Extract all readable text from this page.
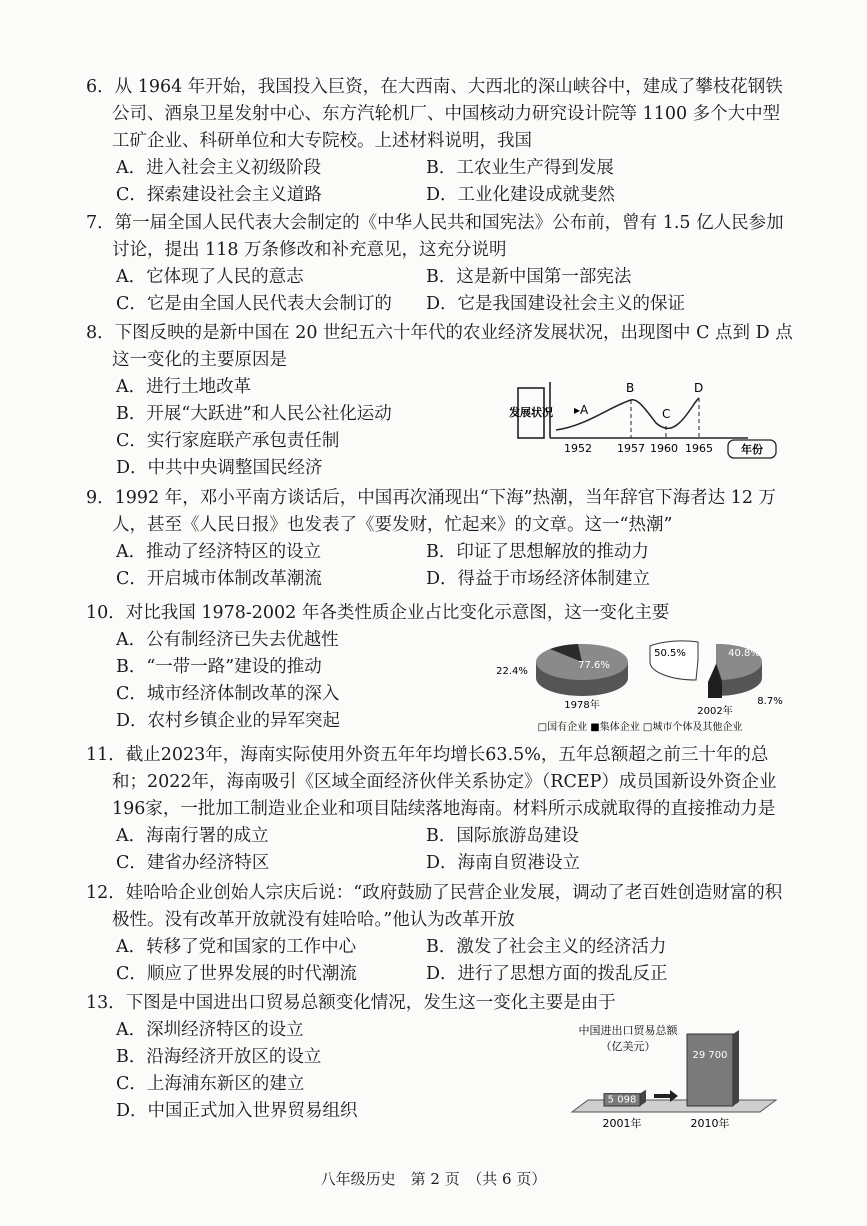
6．从 1964 年开始，我国投入巨资，在大西南、大西北的深山峡谷中，建成了攀枝花钢铁公司、酒泉卫星发射中心、东方汽轮机厂、中国核动力研究设计院等 1100 多个大中型工矿企业、科研单位和大专院校。上述材料说明，我国

A．进入社会主义初级阶段	B．工农业生产得到发展
C．探索建设社会主义道路	D．工业化建设成就斐然

7．第一届全国人民代表大会制定的《中华人民共和国宪法》公布前，曾有 1.5 亿人民参加讨论，提出 118 万条修改和补充意见，这充分说明

A．它体现了人民的意志	B．这是新中国第一部宪法
C．它是由全国人民代表大会制订的	D．它是我国建设社会主义的保证

8．下图反映的是新中国在 20 世纪五六十年代的农业经济发展状况，出现图中 C 点到 D 点这一变化的主要原因是

A．进行土地改革
B．开展“大跃进”和人民公社化运动
C．实行家庭联产承包责任制
D．中共中央调整国民经济
发展状况 ▸A
B
C
D
1952 1957 1960 1965	年份

9．1992 年，邓小平南方谈话后，中国再次涌现出“下海”热潮，当年辞官下海者达 12 万人，甚至《人民日报》也发表了《要发财，忙起来》的文章。这一“热潮”

A．推动了经济特区的设立	B．印证了思想解放的推动力
C．开启城市体制改革潮流	D．得益于市场经济体制建立

10．对比我国 1978-2002 年各类性质企业占比变化示意图，这一变化主要

A．公有制经济已失去优越性
B．“一带一路”建设的推动
C．城市经济体制改革的深入
D．农村乡镇企业的异军突起
77.6%
22.4%
1978年
50.5%	40.8%
8.7%
2002年
□国有企业 ■集体企业 □城市个体及其他企业

11．截止2023年，海南实际使用外资五年年均增长63.5%，五年总额超之前三十年的总和；2022年，海南吸引《区域全面经济伙伴关系协定》（RCEP）成员国新设外资企业196家，一批加工制造业企业和项目陆续落地海南。材料所示成就取得的直接推动力是

A．海南行署的成立	B．国际旅游岛建设
C．建省办经济特区	D．海南自贸港设立

12．娃哈哈企业创始人宗庆后说：“政府鼓励了民营企业发展，调动了老百姓创造财富的积极性。没有改革开放就没有娃哈哈。”他认为改革开放

A．转移了党和国家的工作中心	B．激发了社会主义的经济活力
C．顺应了世界发展的时代潮流	D．进行了思想方面的拨乱反正

13．下图是中国进出口贸易总额变化情况，发生这一变化主要是由于

A．深圳经济特区的设立
B．沿海经济开放区的设立
C．上海浦东新区的建立
D．中国正式加入世界贸易组织
中国进出口贸易总额
（亿美元）
5 098
29 700
2001年	2010年
八年级历史　第 2 页　（共 6 页）
